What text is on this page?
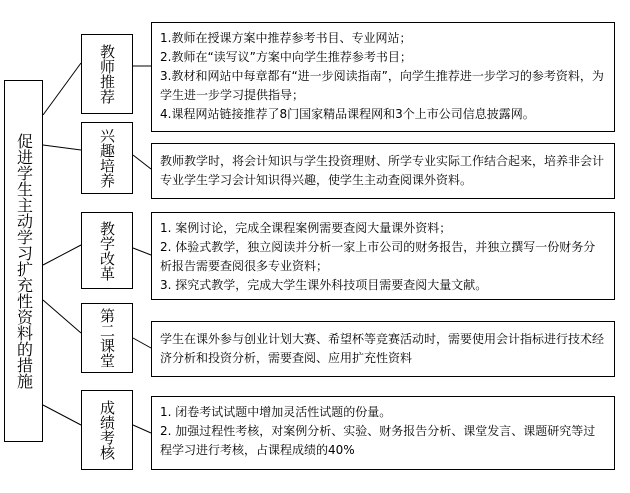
促进学生主动学习扩充性资料的措施
教师推荐
兴趣培养
教学改革
第二课堂
成绩考核
1.教师在授课方案中推荐参考书目、专业网站；
2.教师在“读写议”方案中向学生推荐参考书目；
3.教材和网站中每章都有“进一步阅读指南”，向学生推荐进一步学习的参考资料，为学生进一步学习提供指导；
4.课程网站链接推荐了8门国家精品课程网和3个上市公司信息披露网。

教师教学时，将会计知识与学生投资理财、所学专业实际工作结合起来，培养非会计专业学生学习会计知识得兴趣，使学生主动查阅课外资料。

1. 案例讨论，完成全课程案例需要查阅大量课外资料；
2. 体验式教学，独立阅读并分析一家上市公司的财务报告，并独立撰写一份财务分析报告需要查阅很多专业资料；
3. 探究式教学，完成大学生课外科技项目需要查阅大量文献。

学生在课外参与创业计划大赛、希望杯等竞赛活动时，需要使用会计指标进行技术经济分析和投资分析，需要查阅、应用扩充性资料

1. 闭卷考试试题中增加灵活性试题的份量。
2. 加强过程性考核，对案例分析、实验、财务报告分析、课堂发言、课题研究等过程学习进行考核，占课程成绩的40%
